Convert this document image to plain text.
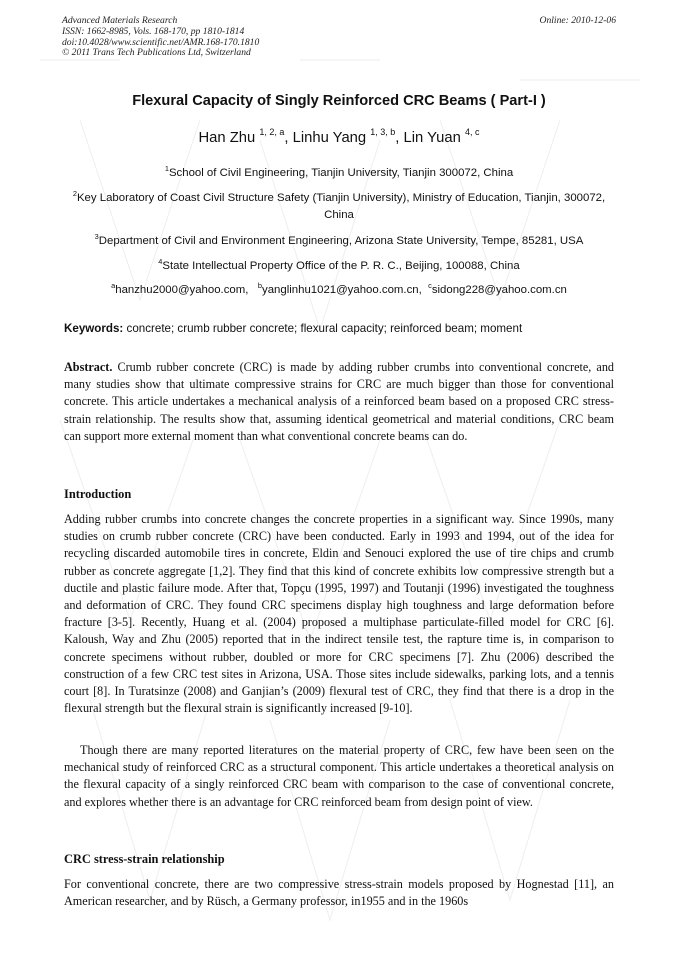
Advanced Materials Research
ISSN: 1662-8985, Vols. 168-170, pp 1810-1814
doi:10.4028/www.scientific.net/AMR.168-170.1810
© 2011 Trans Tech Publications Ltd, Switzerland
Online: 2010-12-06
Flexural Capacity of Singly Reinforced CRC Beams ( Part-I )
Han Zhu $^{1, 2, a}$, Linhu Yang $^{1, 3, b}$, Lin Yuan $^{4, c}$
$^1$School of Civil Engineering, Tianjin University, Tianjin 300072, China
$^2$Key Laboratory of Coast Civil Structure Safety (Tianjin University), Ministry of Education, Tianjin, 300072, China
$^3$Department of Civil and Environment Engineering, Arizona State University, Tempe, 85281, USA
$^4$State Intellectual Property Office of the P. R. C., Beijing, 100088, China
$^a$hanzhu2000@yahoo.com, $^b$yanglinhu1021@yahoo.com.cn, $^c$sidong228@yahoo.com.cn
Keywords: concrete; crumb rubber concrete; flexural capacity; reinforced beam; moment
Abstract. Crumb rubber concrete (CRC) is made by adding rubber crumbs into conventional concrete, and many studies show that ultimate compressive strains for CRC are much bigger than those for conventional concrete. This article undertakes a mechanical analysis of a reinforced beam based on a proposed CRC stress-strain relationship. The results show that, assuming identical geometrical and material conditions, CRC beam can support more external moment than what conventional concrete beams can do.
Introduction
Adding rubber crumbs into concrete changes the concrete properties in a significant way. Since 1990s, many studies on crumb rubber concrete (CRC) have been conducted. Early in 1993 and 1994, out of the idea for recycling discarded automobile tires in concrete, Eldin and Senouci explored the use of tire chips and crumb rubber as concrete aggregate [1,2]. They find that this kind of concrete exhibits low compressive strength but a ductile and plastic failure mode. After that, Topçu (1995, 1997) and Toutanji (1996) investigated the toughness and deformation of CRC. They found CRC specimens display high toughness and large deformation before fracture [3-5]. Recently, Huang et al. (2004) proposed a multiphase particulate-filled model for CRC [6]. Kaloush, Way and Zhu (2005) reported that in the indirect tensile test, the rapture time is, in comparison to concrete specimens without rubber, doubled or more for CRC specimens [7]. Zhu (2006) described the construction of a few CRC test sites in Arizona, USA. Those sites include sidewalks, parking lots, and a tennis court [8]. In Turatsinze (2008) and Ganjian’s (2009) flexural test of CRC, they find that there is a drop in the flexural strength but the flexural strain is significantly increased [9-10].
Though there are many reported literatures on the material property of CRC, few have been seen on the mechanical study of reinforced CRC as a structural component. This article undertakes a theoretical analysis on the flexural capacity of a singly reinforced CRC beam with comparison to the case of conventional concrete, and explores whether there is an advantage for CRC reinforced beam from design point of view.
CRC stress-strain relationship
For conventional concrete, there are two compressive stress-strain models proposed by Hognestad [11], an American researcher, and by Rüsch, a Germany professor, in1955 and in the 1960s
